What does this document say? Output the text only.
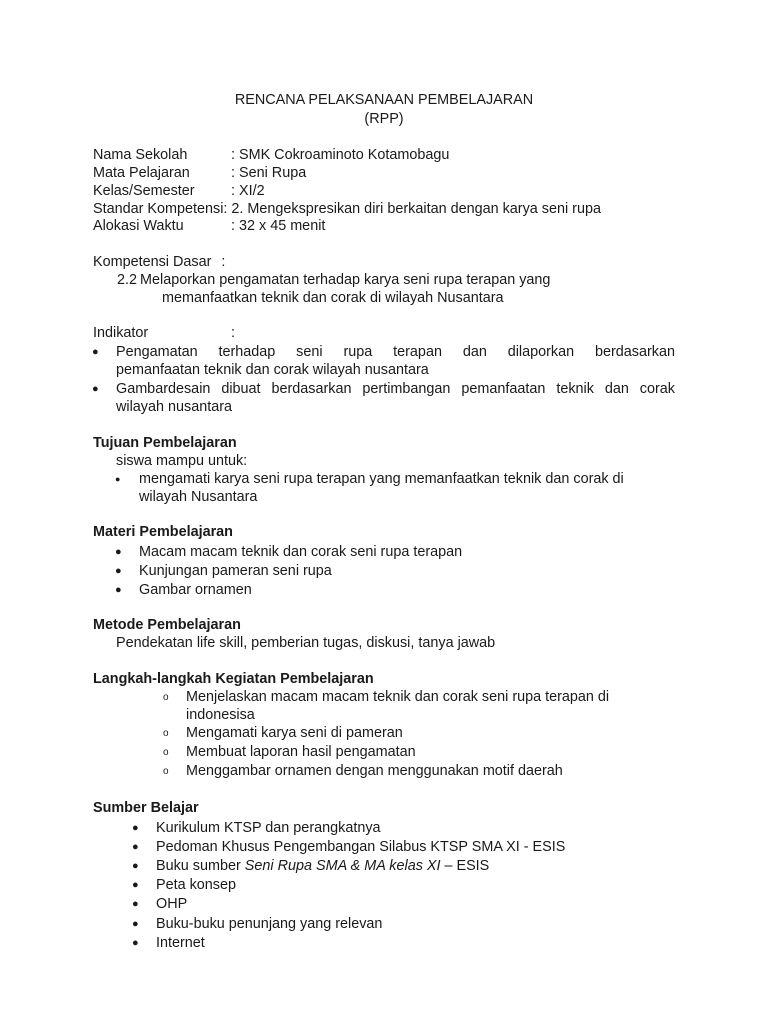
RENCANA PELAKSANAAN PEMBELAJARAN
(RPP)
Nama Sekolah	: SMK Cokroaminoto Kotamobagu
Mata Pelajaran	: Seni Rupa
Kelas/Semester	: XI/2
Standar Kompetensi: 2. Mengekspresikan diri berkaitan dengan karya seni rupa
Alokasi Waktu	: 32 x 45 menit
Kompetensi Dasar :
2.2 Melaporkan pengamatan terhadap karya seni rupa terapan yang
memanfaatkan teknik dan corak di wilayah Nusantara
Indikator	:
● Pengamatan terhadap seni rupa terapan dan dilaporkan berdasarkan
pemanfaatan teknik dan corak wilayah nusantara
● Gambardesain dibuat berdasarkan pertimbangan pemanfaatan teknik dan corak
wilayah nusantara
Tujuan Pembelajaran
siswa mampu untuk:
● mengamati karya seni rupa terapan yang memanfaatkan teknik dan corak di
wilayah Nusantara
Materi Pembelajaran
● Macam macam teknik dan corak seni rupa terapan
● Kunjungan pameran seni rupa
● Gambar ornamen
Metode Pembelajaran
Pendekatan life skill, pemberian tugas, diskusi, tanya jawab
Langkah-langkah Kegiatan Pembelajaran
o Menjelaskan macam macam teknik dan corak seni rupa terapan di
indonesisa
o Mengamati karya seni di pameran
o Membuat laporan hasil pengamatan
o Menggambar ornamen dengan menggunakan motif daerah
Sumber Belajar
● Kurikulum KTSP dan perangkatnya
● Pedoman Khusus Pengembangan Silabus KTSP SMA XI - ESIS
● Buku sumber Seni Rupa SMA & MA kelas XI – ESIS
● Peta konsep
● OHP
● Buku-buku penunjang yang relevan
● Internet
